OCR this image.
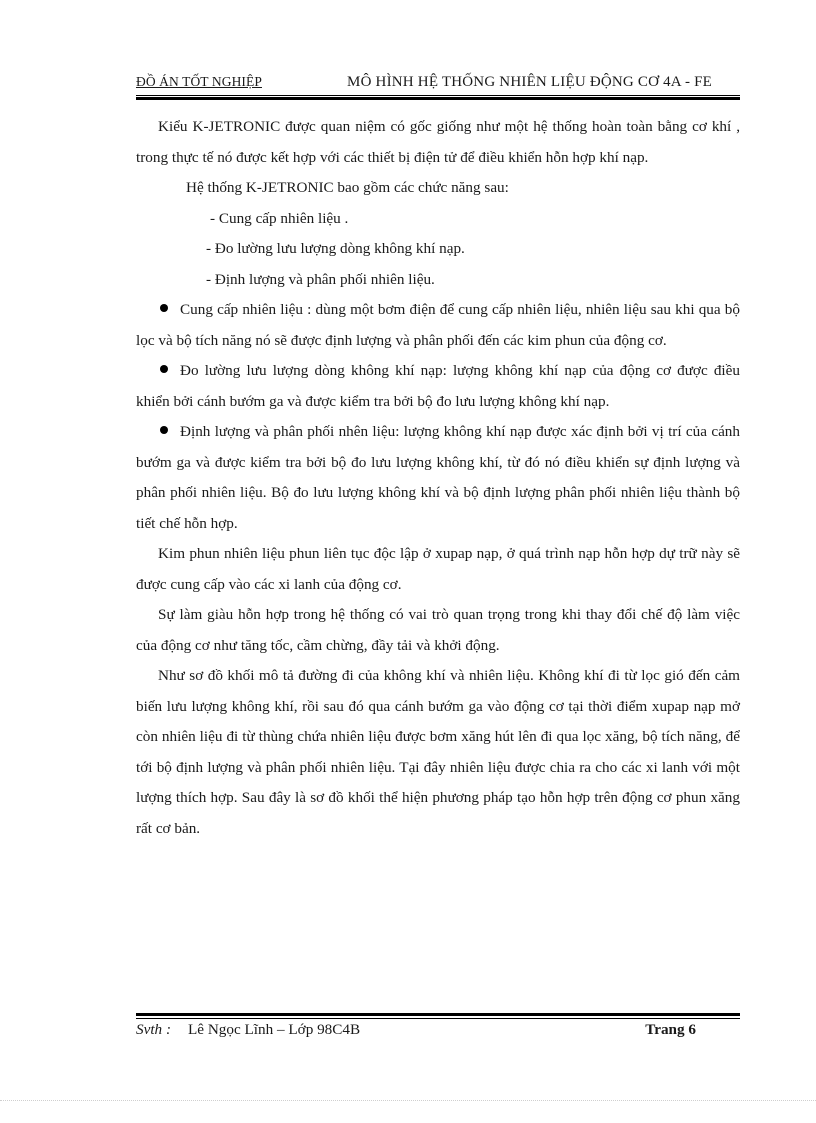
ĐỒ ÁN TỐT NGHIỆP	MÔ HÌNH HỆ THỐNG NHIÊN LIỆU ĐỘNG CƠ 4A - FE

Kiểu K-JETRONIC được quan niệm có gốc giống như một hệ thống hoàn toàn bằng cơ khí , trong thực tế nó được kết hợp với các thiết bị điện tử để điều khiển hỗn hợp khí nạp.

Hệ thống K-JETRONIC bao gồm các chức năng sau:

- Cung cấp nhiên liệu .

- Đo lường lưu lượng dòng không khí nạp.

- Định lượng và phân phối nhiên liệu.

Cung cấp nhiên liệu : dùng một bơm điện để cung cấp nhiên liệu, nhiên liệu sau khi qua bộ lọc và bộ tích năng nó sẽ được định lượng và phân phối đến các kim phun của động cơ.

Đo lường lưu lượng dòng không khí nạp: lượng không khí nạp của động cơ được điều khiển bởi cánh bướm ga và được kiểm tra bởi bộ đo lưu lượng không khí nạp.

Định lượng và phân phối nhên liệu: lượng không khí nạp được xác định bởi vị trí của cánh bướm ga và được kiểm tra bởi bộ đo lưu lượng không khí, từ đó nó điều khiển sự định lượng và phân phối nhiên liệu. Bộ đo lưu lượng không khí và bộ định lượng phân phối nhiên liệu thành bộ tiết chế hỗn hợp.

Kim phun nhiên liệu phun liên tục độc lập ở xupap nạp, ở quá trình nạp hỗn hợp dự trữ này sẽ được cung cấp vào các xi lanh của động cơ.

Sự làm giàu hỗn hợp trong hệ thống có vai trò quan trọng trong khi thay đổi chế độ làm việc của động cơ như tăng tốc, cầm chừng, đầy tải và khởi động.

Như sơ đồ khối mô tả đường đi của không khí và nhiên liệu. Không khí đi từ lọc gió đến cảm biến lưu lượng không khí, rồi sau đó qua cánh bướm ga vào động cơ tại thời điểm xupap nạp mở còn nhiên liệu đi từ thùng chứa nhiên liệu được bơm xăng hút lên đi qua lọc xăng, bộ tích năng, để tới bộ định lượng và phân phối nhiên liệu. Tại đây nhiên liệu được chia ra cho các xi lanh với một lượng thích hợp. Sau đây là sơ đồ khối thể hiện phương pháp tạo hỗn hợp trên động cơ phun xăng rất cơ bản.

Svth : Lê Ngọc Lĩnh – Lớp 98C4B	Trang 6
